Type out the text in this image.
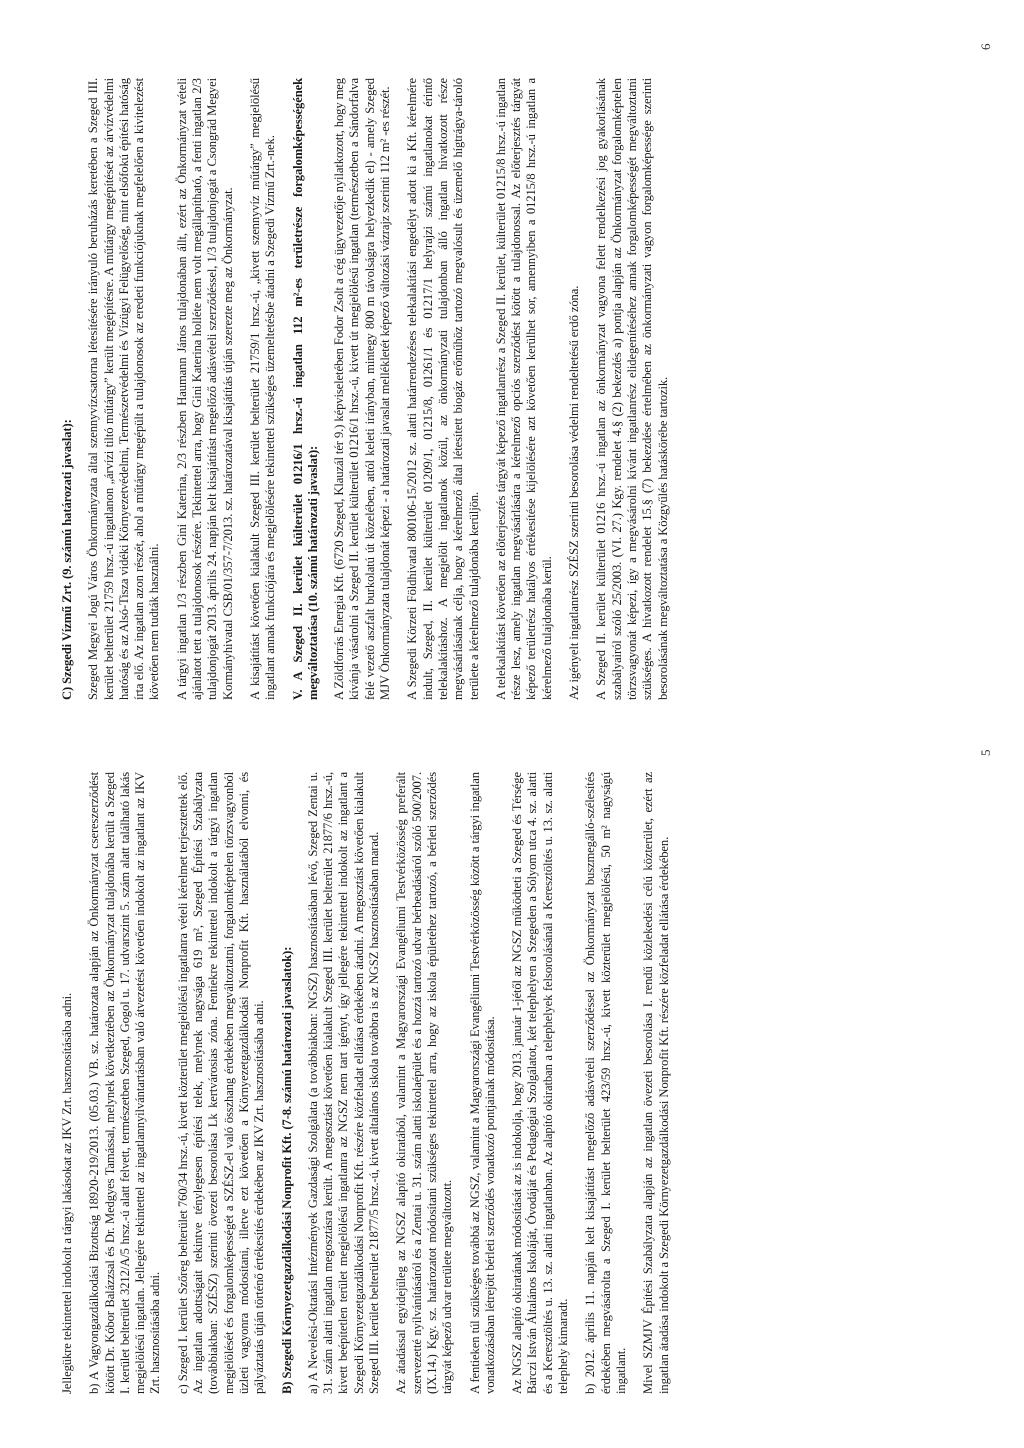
Jellegükre tekintettel indokolt a tárgyi lakásokat az IKV Zrt. hasznosításába adni. b) A Vagyongazdálkodási Bizottság 18920-219/2013. (05.03.) VB. sz. határozata alapján az Önkormányzat csereszerződést kötött Dr. Kóbor Balázzsal és Dr. Medgyes Tamással, melynek következtében az Önkormányzat tulajdonába került a Szeged I. kerület belterület 3212/A/5 hrsz.-ú alatt felvett, természetben Szeged, Gogol u. 17. udvarszint 5. szám alatt található lakás megjelölésű ingatlan. Jellegére tekintettel az ingatlannyilvántartásban való átvezetést követően indokolt az ingatlant az IKV Zrt. hasznosításába adni. c) Szeged I. kerület Szőreg belterület 760/34 hrsz.-ú, kivett közterület megjelölésű ingatlanra vételi kérelmet terjesztettek elő. Az ingatlan adottságait tekintve ténylegesen építési telek, melynek nagysága 619 m², Szeged Építési Szabályzata (továbbiakban: SZÉSZ) szerinti övezeti besorolása Lk kertvárosias zóna. Fentiekre tekintettel indokolt a tárgyi ingatlan megjelölését és forgalomképességét a SZÉSZ-el való összhang érdekében megváltoztatni, forgalomképtelen törzsvagyonból üzleti vagyonra módosítani, illetve ezt követően a Környezetgazdálkodási Nonprofit Kft. használatából elvonni, és pályáztatás útján történő értékesítés érdekében az IKV Zrt. hasznosításába adni. B) Szegedi Környezetgazdálkodási Nonprofit Kft. (7-8. számú határozati javaslatok): a) A Nevelési-Oktatási Intézmények Gazdasági Szolgálata (a továbbiakban: NGSZ) hasznosításában lévő, Szeged Zentai u. 31. szám alatti ingatlan megosztásra került. A megosztást követően kialakult Szeged III. kerület belterület 21877/6 hrsz.-ú, kivett beépítetlen terület megjelölésű ingatlanra az NGSZ nem tart igényt, így jellegére tekintettel indokolt az ingatlant a Szegedi Környezetgazdálkodási Nonprofit Kft. részére közfeladat ellátása érdekében átadni. A megosztást követően kialakult Szeged III. kerület belterület 21877/5 hrsz.-ú, kivett általános iskola továbbra is az NGSZ hasznosításában marad. Az átadással egyidejűleg az NGSZ alapító okiratából, valamint a Magyarországi Evangéliumi Testvérközösség preferált szervezetté nyilvánításáról és a Zentai u. 31. szám alatti iskolaépület és a hozzá tartozó udvar bérbeadásáról szóló 500/2007. (IX.14.) Kgy. sz. határozatot módosítani szükséges tekintettel arra, hogy az iskola épületéhez tartozó, a bérleti szerződés tárgyát képező udvar területe megváltozott. A fentieken túl szükséges továbbá az NGSZ, valamint a Magyarországi Evangéliumi Testvérközösség között a tárgyi ingatlan vonatkozásában létrejött bérleti szerződés vonatkozó pontjainak módosítása. Az NGSZ alapító okiratának módosítását az is indokolja, hogy 2013. január 1-jétől az NGSZ működteti a Szeged és Térsége Bárczi István Általános Iskoláját, Óvodáját és Pedagógiai Szolgálatot, két telephelyen a Szegeden a Sólyom utca 4. sz. alatti és a Keresztöltés u. 13. sz. alatti ingatlanban. Az alapító okiratban a telephelyek felsorolásánál a Keresztöltés u. 13. sz. alatti telephely kimaradt. b) 2012. április 11. napján kelt kisajátítást megelőző adásvételi szerződéssel az Önkormányzat buszmegálló-szélesítés érdekében megvásárolta a Szeged I. kerület belterület 423/59 hrsz.-ú, kivett közterület megjelölésű, 50 m² nagyságú ingatlant. Mivel SZMJV Építési Szabályzata alapján az ingatlan övezeti besorolása I. rendű közlekedési célú közterület, ezért az ingatlan átadása indokolt a Szegedi Környezetgazdálkodási Nonprofit Kft. részére közfeladat ellátása érdekében.

5

C) Szegedi Vízmű Zrt. (9. számú határozati javaslat): Szeged Megyei Jogú Város Önkormányzata által szennyvízcsatorna létesítésére irányuló beruházás keretében a Szeged III. kerület belterület 21759 hrsz.-ú ingatlanon „árvízi tiltó műtárgy” került megépítésre. A műtárgy megépítését az árvízvédelmi hatóság és az Alsó-Tisza vidéki Környezetvédelmi, Természetvédelmi és Vízügyi Felügyelőség, mint elsőfokú építési hatóság írta elő. Az ingatlan azon részét, ahol a műtárgy megépült a tulajdonosok az eredeti funkciójuknak megfelelően a kivitelezést követően nem tudták használni. A tárgyi ingatlan 1/3 részben Gini Katerina, 2/3 részben Haumann János tulajdonában állt, ezért az Önkormányzat vételi ajánlatot tett a tulajdonosok részére. Tekintettel arra, hogy Gini Katerina hollétе nem volt megállapítható, a fenti ingatlan 2/3 tulajdonjogát 2013. április 24. napján kelt kisajátítást megelőző adásvételi szerződéssel, 1/3 tulajdonjogát a Csongrád Megyei Kormányhivatal CSB/01/357-7/2013. sz. határozatával kisajátítás útján szerezte meg az Önkormányzat. A kisajátítást követően kialakult Szeged III. kerület belterület 21759/1 hrsz.-ú, „kivett szennyvíz műtárgy” megjelölésű ingatlant annak funkciójára és megjelölésére tekintettel szükséges üzemeltetésbe átadni a Szegedi Vízmű Zrt.-nek. V. A Szeged II. kerület külterület 01216/1 hrsz.-ú ingatlan 112 m²-es területrésze forgalomképességének megváltoztatása (10. számú határozati javaslat): A Zöldforrás Energia Kft. (6720 Szeged, Klauzál tér 9.) képviseletében Fodor Zsolt a cég ügyvezetője nyilatkozott, hogy meg kívánja vásárolni a Szeged II. kerület külterület 01216/1 hrsz.-ú, kivett út megjelölésű ingatlan (természetben a Sándorfalva felé vezető aszfalt burkolatú út közelében, attól keleti irányban, mintegy 800 m távolságra helyezkedik el) - amely Szeged MJV Önkormányzata tulajdonát képezi - a határozati javaslat mellékletét képező változási vázrajz szerinti 112 m² -es részét. A Szegedi Körzeti Földhivatal 800106-15/2012 sz. alatti határrendezéses telekalakítási engedélyt adott ki a Kft. kérelmére indult, Szeged, II. kerület külterület 01209/1, 01215/8, 01261/1 és 01217/1 helyrajzi számú ingatlanokat érintő telekalakításhoz. A megjelölt ingatlanok közül, az önkormányzati tulajdonban álló ingatlan hivatkozott része megvásárlásának célja, hogy a kérelmező által létesített biogáz erőműhöz tartozó megvalósult és üzemelő hígtrágya-tároló területe a kérelmező tulajdonába kerüljön. A telekalakítást követően az előterjesztés tárgyát képező ingatlanrész a Szeged II. kerület, külterület 01215/8 hrsz.-ú ingatlan része lesz, amely ingatlan megvásárlására a kérelmező opciós szerződést kötött a tulajdonossal. Az előterjesztés tárgyát képező területrész hatályos értékesítése kijelölésére azt követően kerülhet sor, amennyiben a 01215/8 hrsz.-ú ingatlan a kérelmező tulajdonába kerül. Az igényelt ingatlanrész SZÉSZ szerinti besorolása védelmi rendeltetésű erdő zóna. A Szeged II. kerület külterület 01216 hrsz.-ú ingatlan az önkormányzat vagyona felett rendelkezési jog gyakorlásának szabályairól szóló 25/2003. (VI. 27.) Kgy. rendelet 4.§ (2) bekezdés a) pontja alapján az Önkormányzat forgalomképtelen törzsvagyonát képezi, így a megvásárolni kívánt ingatlanrész elidegenítéséhez annak forgalomképességét megváltoztatni szükséges. A hivatkozott rendelet 15.§ (7) bekezdése értelmében az önkormányzati vagyon forgalomképessége szerinti besorolásának megváltoztatása a Közgyűlés hatáskörébe tartozik.

6
